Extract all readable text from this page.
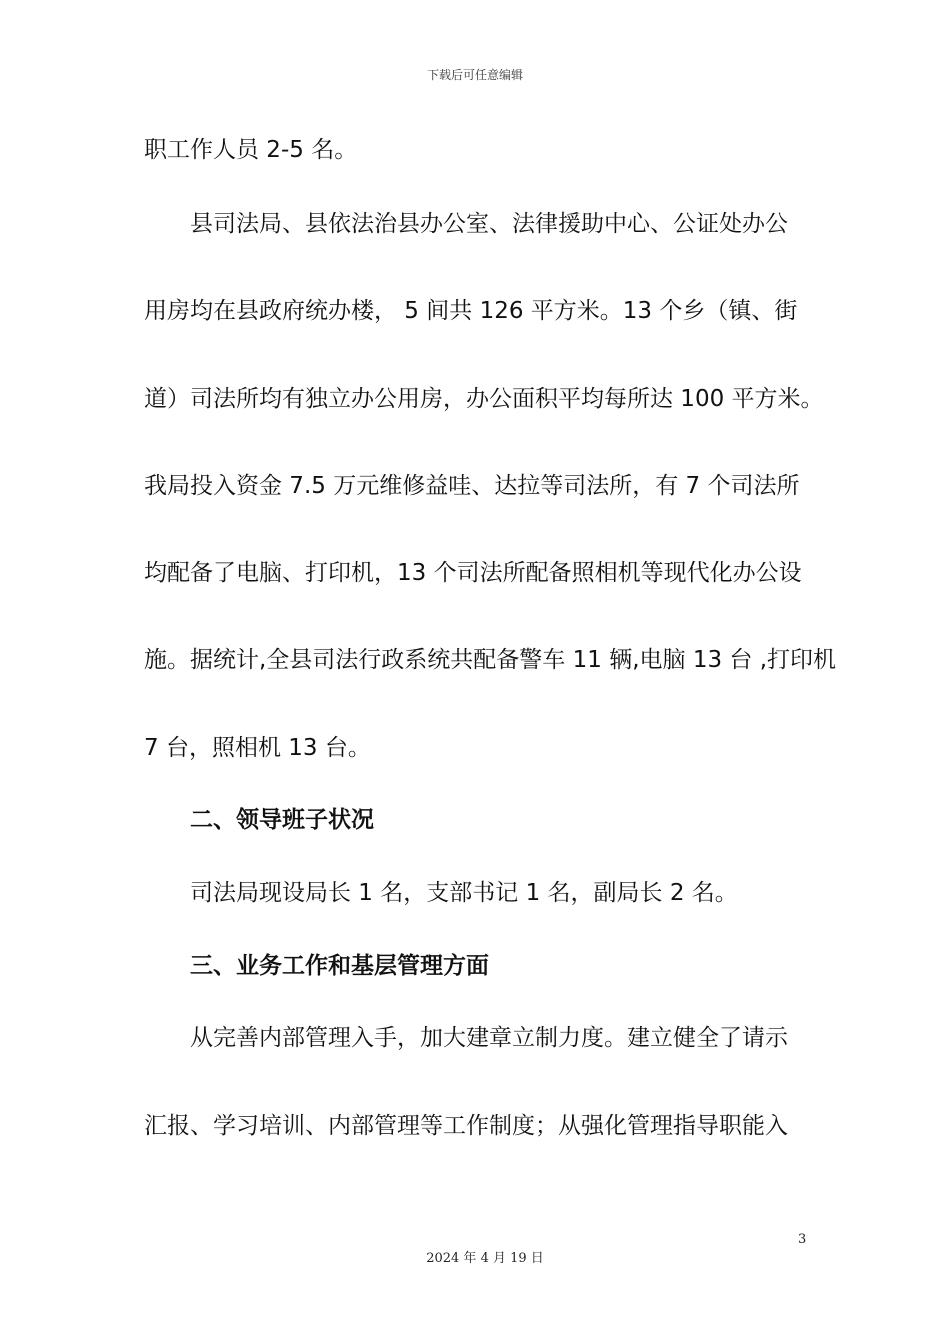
下载后可任意编辑
职工作人员 2-5 名。
县司法局、县依法治县办公室、法律援助中心、公证处办公
用房均在县政府统办楼， 5 间共 126 平方米。13 个乡（镇、街
道）司法所均有独立办公用房，办公面积平均每所达 100 平方米。
我局投入资金 7.5 万元维修益哇、达拉等司法所，有 7 个司法所
均配备了电脑、打印机，13 个司法所配备照相机等现代化办公设
施。据统计,全县司法行政系统共配备警车 11 辆,电脑 13 台 ,打印机
7 台，照相机 13 台。
二、领导班子状况
司法局现设局长 1 名，支部书记 1 名，副局长 2 名。
三、业务工作和基层管理方面
从完善内部管理入手，加大建章立制力度。建立健全了请示
汇报、学习培训、内部管理等工作制度；从强化管理指导职能入
3
2024 年 4 月 19 日
